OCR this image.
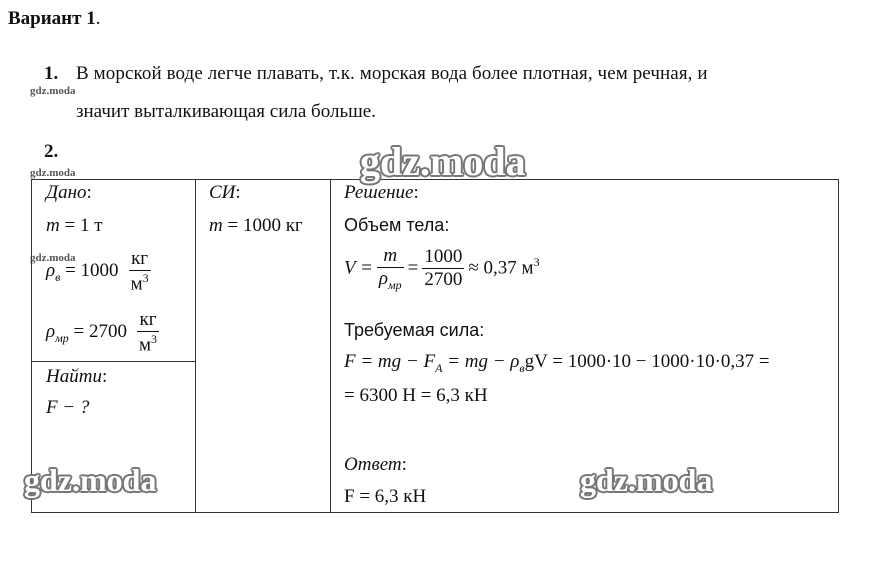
Вариант 1.
1. В морской воде легче плавать, т.к. морская вода более плотная, чем речная, и
значит выталкивающая сила больше.
2.
gdz.moda
gdz.moda
gdz.moda
gdz.moda
gdz.moda	gdz.moda
Дано:
m = 1 т
$\rho_в = 1000 \frac{кг}{м^3}$
$\rho_{мр} = 2700 \frac{кг}{м^3}$
Найти:
F − ?
СИ:
m = 1000 кг
Решение:
Объем тела:
$V = \frac{m}{\rho_{мр}} = \frac{1000}{2700} \approx 0,37$ $м^3$
Требуемая сила:
F = mg − $F_A$ = mg − $\rho_вgV = 1000\cdot 10 - 1000\cdot 10\cdot 0,37$ =
= 6300 Н = 6,3 кН
Ответ:
F = 6,3 кН
